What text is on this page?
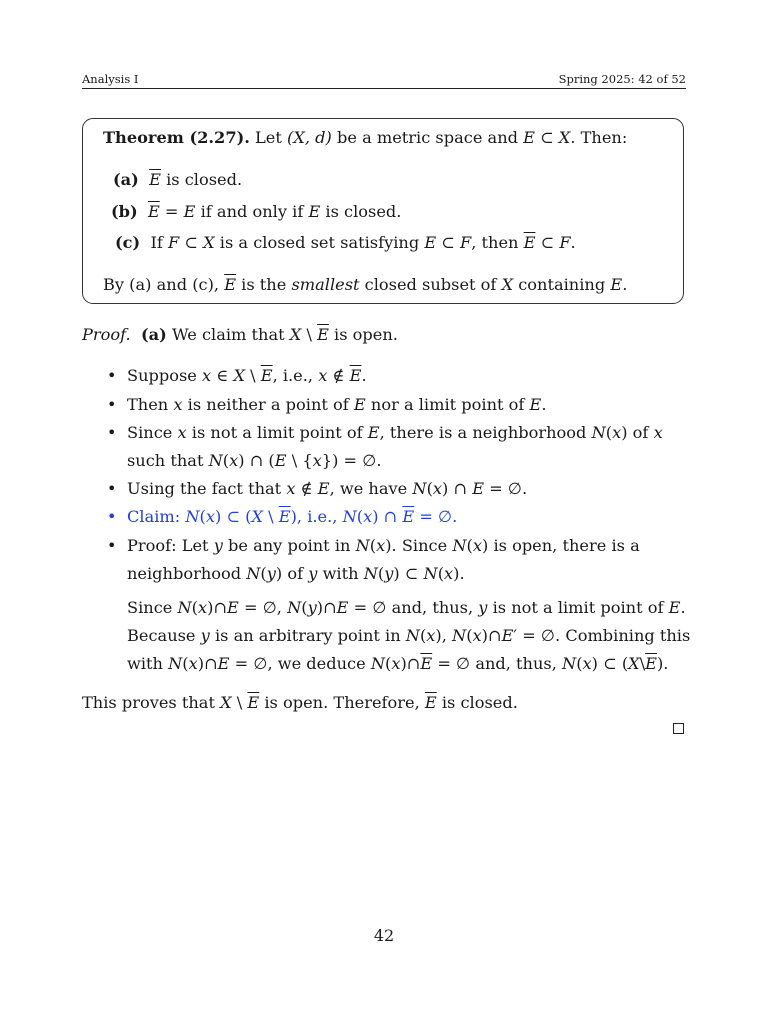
Analysis I	Spring 2025: 42 of 52
Theorem (2.27). Let (X, d) be a metric space and E ⊂ X. Then:
(a) $\overline{E}$ is closed.
(b) $\overline{E} = E$ if and only if E is closed.
(c) If F ⊂ X is a closed set satisfying E ⊂ F, then $\overline{E}$ ⊂ F.
By (a) and (c), $\overline{E}$ is the smallest closed subset of X containing E.
Proof. (a) We claim that X \ $\overline{E}$ is open.
• Suppose x ∈ X \ $\overline{E}$, i.e., x ∉ $\overline{E}$.
• Then x is neither a point of E nor a limit point of E.
• Since x is not a limit point of E, there is a neighborhood N(x) of x
such that N(x) ∩ (E \ {x}) = ∅.
• Using the fact that x ∉ E, we have N(x) ∩ E = ∅.
• Claim: N(x) ⊂ (X \ $\overline{E}$), i.e., N(x) ∩ $\overline{E}$ = ∅.
• Proof: Let y be any point in N(x). Since N(x) is open, there is a
neighborhood N(y) of y with N(y) ⊂ N(x).
Since N(x)∩E = ∅, N(y)∩E = ∅ and, thus, y is not a limit point of E.
Because y is an arbitrary point in N(x), N(x)∩E′ = ∅. Combining this
with N(x)∩E = ∅, we deduce $N(x)\cap\overline{E}$ = ∅ and, thus, N(x) ⊂ $(X\backslash\overline{E})$.
This proves that X \ $\overline{E}$ is open. Therefore, $\overline{E}$ is closed.
42
